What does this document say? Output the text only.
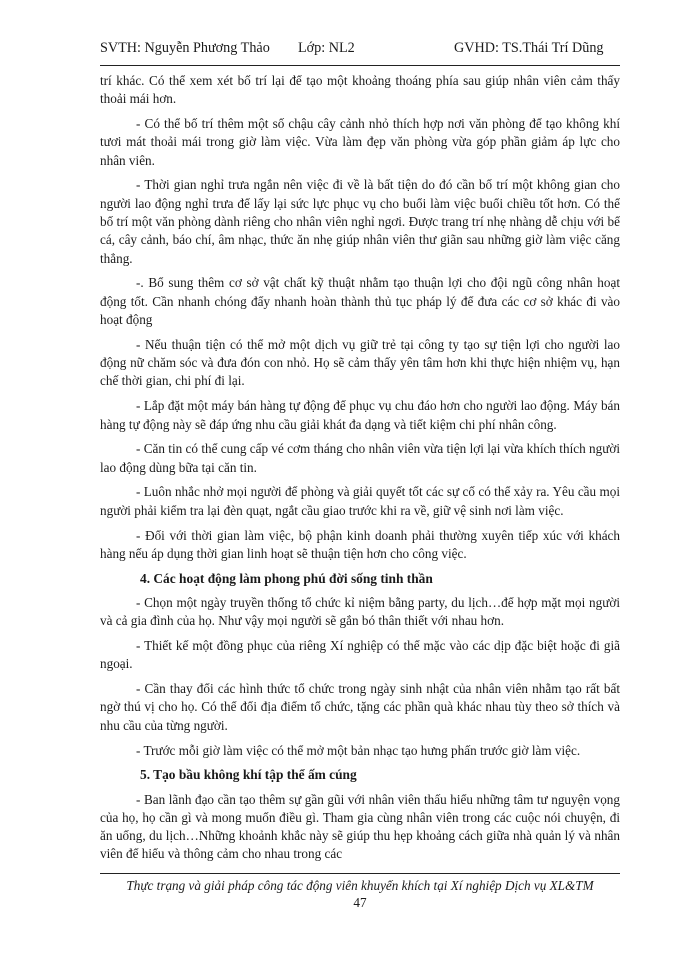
SVTH: Nguyễn Phương Thảo Lớp: NL2	GVHD: TS.Thái Trí Dũng

trí khác. Có thể xem xét bố trí lại để tạo một khoảng thoáng phía sau giúp nhân viên cảm thấy thoải mái hơn.

- Có thể bố trí thêm một số chậu cây cảnh nhỏ thích hợp nơi văn phòng để tạo không khí tươi mát thoải mái trong giờ làm việc. Vừa làm đẹp văn phòng vừa góp phần giảm áp lực cho nhân viên.

- Thời gian nghỉ trưa ngắn nên việc đi về là bất tiện do đó cần bố trí một không gian cho người lao động nghỉ trưa để lấy lại sức lực phục vụ cho buổi làm việc buổi chiều tốt hơn. Có thể bố trí một văn phòng dành riêng cho nhân viên nghỉ ngơi. Được trang trí nhẹ nhàng dễ chịu với bể cá, cây cảnh, báo chí, âm nhạc, thức ăn nhẹ giúp nhân viên thư giãn sau những giờ làm việc căng thẳng.

-. Bổ sung thêm cơ sở vật chất kỹ thuật nhằm tạo thuận lợi cho đội ngũ công nhân hoạt động tốt. Cần nhanh chóng đẩy nhanh hoàn thành thủ tục pháp lý để đưa các cơ sở khác đi vào hoạt động

- Nếu thuận tiện có thể mở một dịch vụ giữ trẻ tại công ty tạo sự tiện lợi cho người lao động nữ chăm sóc và đưa đón con nhỏ. Họ sẽ cảm thấy yên tâm hơn khi thực hiện nhiệm vụ, hạn chế thời gian, chi phí đi lại.

- Lắp đặt một máy bán hàng tự động để phục vụ chu đáo hơn cho người lao động. Máy bán hàng tự động này sẽ đáp ứng nhu cầu giải khát đa dạng và tiết kiệm chi phí nhân công.

- Căn tin có thể cung cấp vé cơm tháng cho nhân viên vừa tiện lợi lại vừa khích thích người lao động dùng bữa tại căn tin.

- Luôn nhắc nhở mọi người để phòng và giải quyết tốt các sự cố có thể xảy ra. Yêu cầu mọi người phải kiểm tra lại đèn quạt, ngắt cầu giao trước khi ra về, giữ vệ sinh nơi làm việc.

- Đối với thời gian làm việc, bộ phận kinh doanh phải thường xuyên tiếp xúc với khách hàng nếu áp dụng thời gian linh hoạt sẽ thuận tiện hơn cho công việc.

4. Các hoạt động làm phong phú đời sống tinh thần

- Chọn một ngày truyền thống tổ chức kỉ niệm bằng party, du lịch…để hợp mặt mọi người và cả gia đình của họ. Như vậy mọi người sẽ gắn bó thân thiết với nhau hơn.

- Thiết kế một đồng phục của riêng Xí nghiệp có thể mặc vào các dịp đặc biệt hoặc đi giã ngoại.

- Cần thay đổi các hình thức tổ chức trong ngày sinh nhật của nhân viên nhằm tạo rất bất ngờ thú vị cho họ. Có thể đổi địa điểm tổ chức, tặng các phần quà khác nhau tùy theo sở thích và nhu cầu của từng người.

- Trước mỗi giờ làm việc có thể mở một bản nhạc tạo hưng phấn trước giờ làm việc.

5. Tạo bầu không khí tập thể ấm cúng

- Ban lãnh đạo cần tạo thêm sự gần gũi với nhân viên thấu hiểu những tâm tư nguyện vọng của họ, họ cần gì và mong muốn điều gì. Tham gia cùng nhân viên trong các cuộc nói chuyện, đi ăn uống, du lịch…Những khoảnh khắc này sẽ giúp thu hẹp khoảng cách giữa nhà quản lý và nhân viên để hiểu và thông cảm cho nhau trong các

Thực trạng và giải pháp công tác động viên khuyến khích tại Xí nghiệp Dịch vụ XL&TM
47
